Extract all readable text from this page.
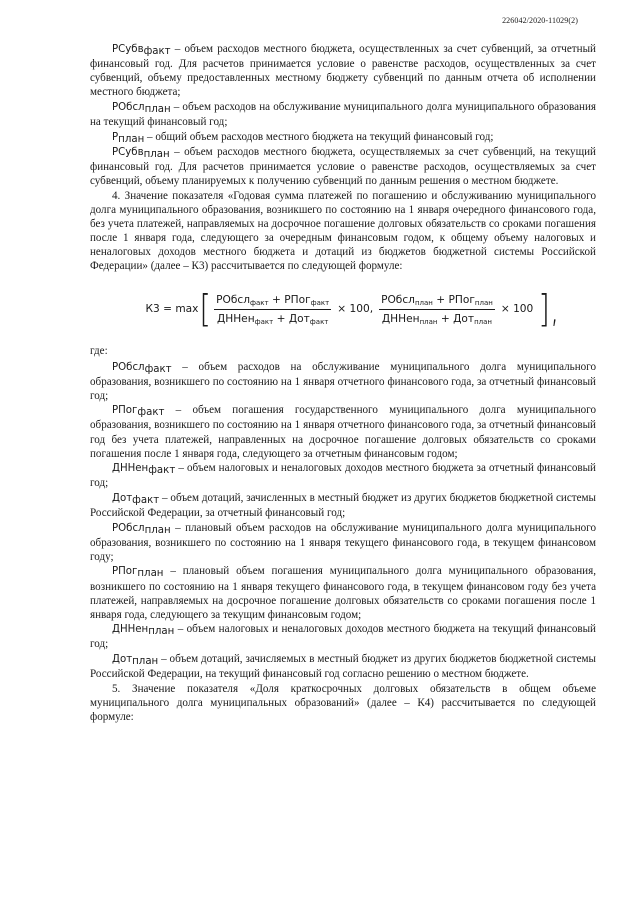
226042/2020-11029(2)

РСубв$_{факт}$ – объем расходов местного бюджета, осуществленных за счет субвенций, за отчетный финансовый год. Для расчетов принимается условие о равенстве расходов, осуществленных за счет субвенций, объему предоставленных местному бюджету субвенций по данным отчета об исполнении местного бюджета;

РОбсл$_{план}$ – объем расходов на обслуживание муниципального долга муниципального образования на текущий финансовый год;

$Р_{план}$ – общий объем расходов местного бюджета на текущий финансовый год;

РСубв$_{план}$ – объем расходов местного бюджета, осуществляемых за счет субвенций, на текущий финансовый год. Для расчетов принимается условие о равенстве расходов, осуществляемых за счет субвенций, объему планируемых к получению субвенций по данным решения о местном бюджете.

4. Значение показателя «Годовая сумма платежей по погашению и обслуживанию муниципального долга муниципального образования, возникшего по состоянию на 1 января очередного финансового года, без учета платежей, направляемых на досрочное погашение долговых обязательств со сроками погашения после 1 января года, следующего за очередным финансовым годом, к общему объему налоговых и неналоговых доходов местного бюджета и дотаций из бюджетов бюджетной системы Российской Федерации» (далее – К3) рассчитывается по следующей формуле:

К3 = max [ $\frac{РОбсл_{факт} + РПог_{факт}}{ДННен_{факт} + Дот_{факт}} \times 100$, $\frac{РОбсл_{план} + РПог_{план}}{ДННен_{план} + Дот_{план}} \times 100$ ],

где:

РОбсл$_{факт}$ – объем расходов на обслуживание муниципального долга муниципального образования, возникшего по состоянию на 1 января отчетного финансового года, за отчетный финансовый год;

РПог$_{факт}$ – объем погашения государственного муниципального долга муниципального образования, возникшего по состоянию на 1 января отчетного финансового года, за отчетный финансовый год без учета платежей, направленных на досрочное погашение долговых обязательств со сроками погашения после 1 января года, следующего за отчетным финансовым годом;

ДННен$_{факт}$ – объем налоговых и неналоговых доходов местного бюджета за отчетный финансовый год;

Дот$_{факт}$ – объем дотаций, зачисленных в местный бюджет из других бюджетов бюджетной системы Российской Федерации, за отчетный финансовый год;

РОбсл$_{план}$ – плановый объем расходов на обслуживание муниципального долга муниципального образования, возникшего по состоянию на 1 января текущего финансового года, в текущем финансовом году;

РПог$_{план}$ – плановый объем погашения муниципального долга муниципального образования, возникшего по состоянию на 1 января текущего финансового года, в текущем финансовом году без учета платежей, направляемых на досрочное погашение долговых обязательств со сроками погашения после 1 января года, следующего за текущим финансовым годом;

ДННен$_{план}$ – объем налоговых и неналоговых доходов местного бюджета на текущий финансовый год;

Дот$_{план}$ – объем дотаций, зачисляемых в местный бюджет из других бюджетов бюджетной системы Российской Федерации, на текущий финансовый год согласно решению о местном бюджете.

5. Значение показателя «Доля краткосрочных долговых обязательств в общем объеме муниципального долга муниципальных образований» (далее – К4) рассчитывается по следующей формуле:
